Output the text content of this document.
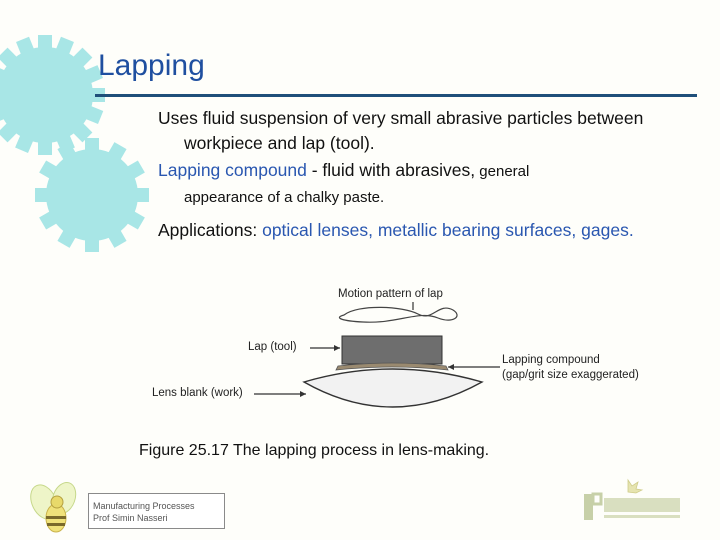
Lapping

Uses fluid suspension of very small abrasive particles between workpiece and lap (tool).

Lapping compound - fluid with abrasives, general
appearance of a chalky paste.

Applications: optical lenses, metallic bearing surfaces, gages.

Motion pattern of lap
Lap (tool)
Lapping compound
(gap/grit size exaggerated)
Lens blank (work)
Figure 25.17 The lapping process in lens‑making.
Manufacturing Processes
Prof Simin Nasseri
